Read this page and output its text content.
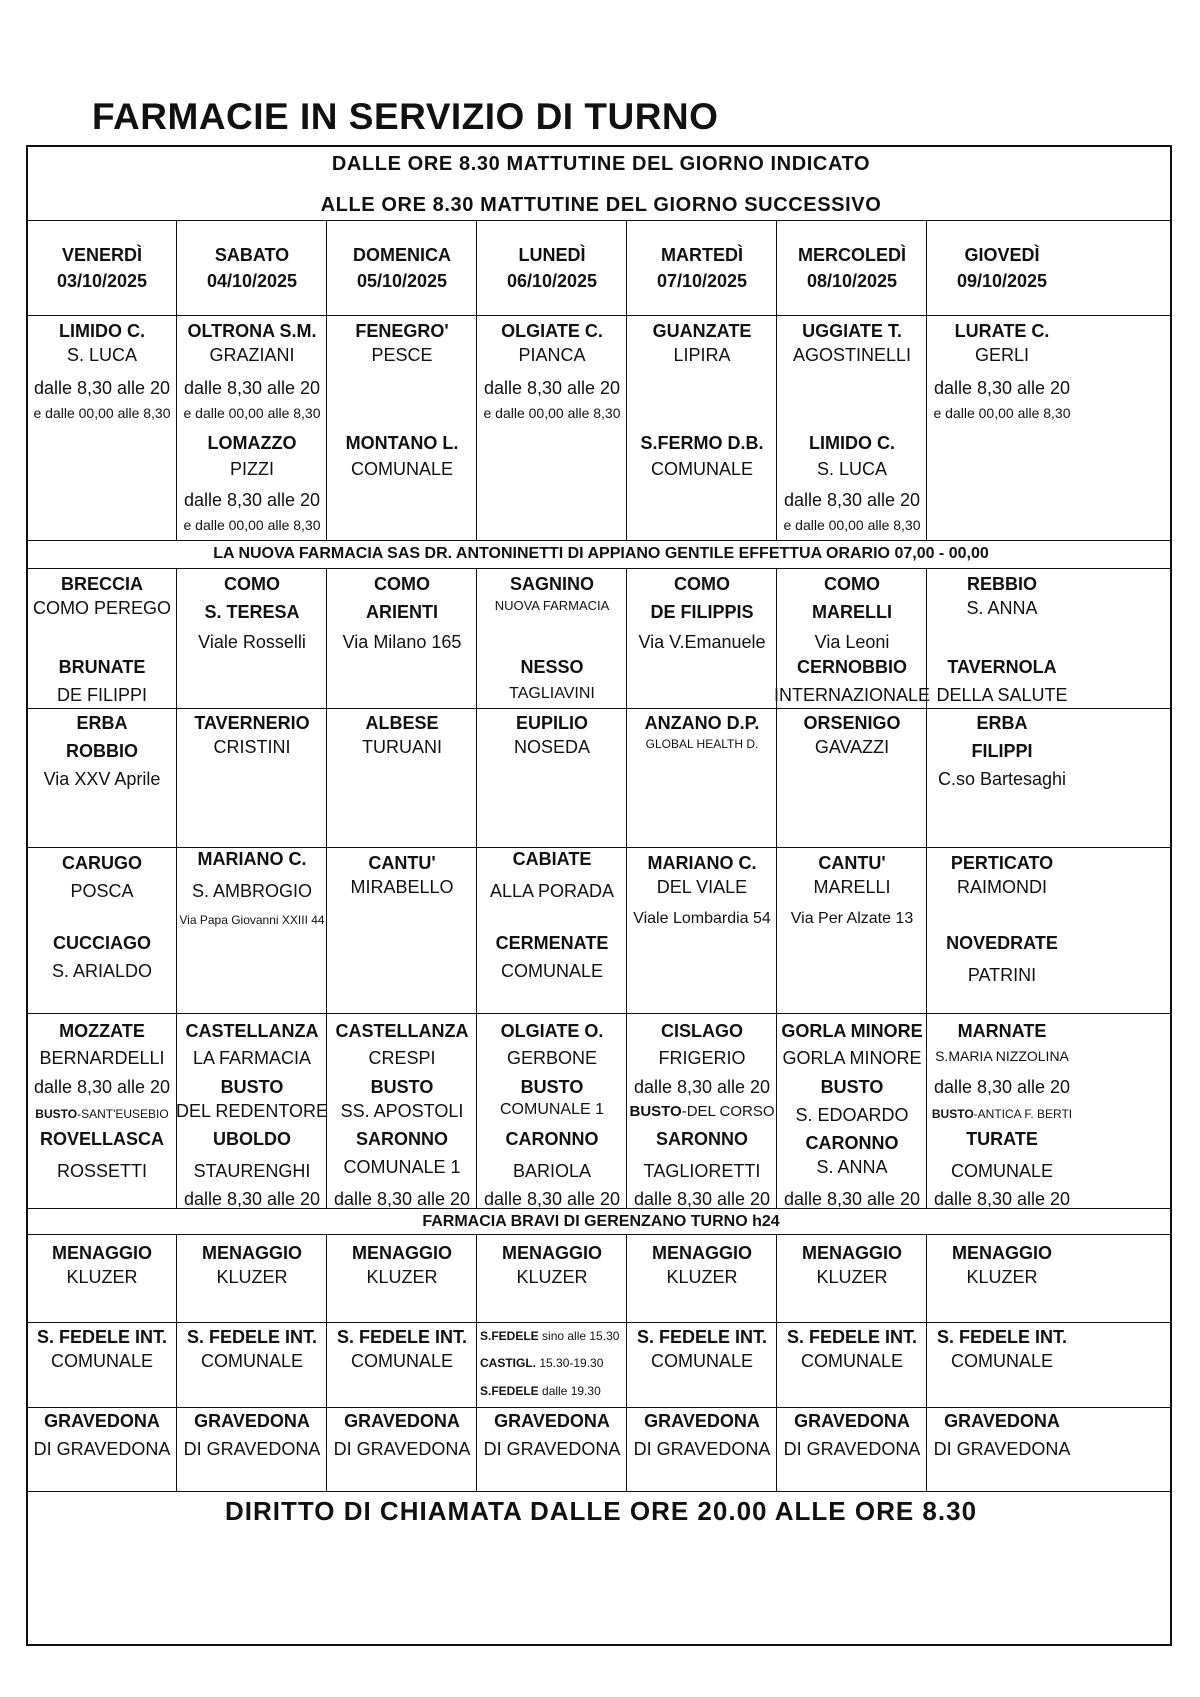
FARMACIE IN SERVIZIO DI TURNO
DALLE ORE 8.30 MATTUTINE DEL GIORNO INDICATO
ALLE ORE 8.30 MATTUTINE DEL GIORNO SUCCESSIVO
VENERDÌ
03/10/2025
SABATO
04/10/2025
DOMENICA
05/10/2025
LUNEDÌ
06/10/2025
MARTEDÌ
07/10/2025
MERCOLEDÌ
08/10/2025
GIOVEDÌ
09/10/2025
LIMIDO C.
S. LUCA
dalle 8,30 alle 20
e dalle 00,00 alle 8,30
OLTRONA S.M.
GRAZIANI
dalle 8,30 alle 20
e dalle 00,00 alle 8,30
LOMAZZO
PIZZI
dalle 8,30 alle 20
e dalle 00,00 alle 8,30
FENEGRO'
PESCE
MONTANO L.
COMUNALE
OLGIATE C.
PIANCA
dalle 8,30 alle 20
e dalle 00,00 alle 8,30
GUANZATE
LIPIRA
S.FERMO D.B.
COMUNALE
UGGIATE T.
AGOSTINELLI
LIMIDO C.
S. LUCA
dalle 8,30 alle 20
e dalle 00,00 alle 8,30
LURATE C.
GERLI
dalle 8,30 alle 20
e dalle 00,00 alle 8,30
LA NUOVA FARMACIA SAS DR. ANTONINETTI DI APPIANO GENTILE EFFETTUA ORARIO 07,00 - 00,00
BRECCIA
COMO PEREGO
BRUNATE
DE FILIPPI
COMO
S. TERESA
Viale Rosselli
COMO
ARIENTI
Via Milano 165
SAGNINO
NUOVA FARMACIA
NESSO
TAGLIAVINI
COMO
DE FILIPPIS
Via V.Emanuele
COMO
MARELLI
Via Leoni
CERNOBBIO
INTERNAZIONALE
REBBIO
S. ANNA
TAVERNOLA
DELLA SALUTE
ERBA
ROBBIO
Via XXV Aprile
TAVERNERIO
CRISTINI
ALBESE
TURUANI
EUPILIO
NOSEDA
ANZANO D.P.
GLOBAL HEALTH D.
ORSENIGO
GAVAZZI
ERBA
FILIPPI
C.so Bartesaghi
CARUGO
POSCA
CUCCIAGO
S. ARIALDO
MARIANO C.
S. AMBROGIO
Via Papa Giovanni XXIII 44
CANTU'
MIRABELLO
CABIATE
ALLA PORADA
CERMENATE
COMUNALE
MARIANO C.
DEL VIALE
Viale Lombardia 54
CANTU'
MARELLI
Via Per Alzate 13
PERTICATO
RAIMONDI
NOVEDRATE
PATRINI
MOZZATE
BERNARDELLI
dalle 8,30 alle 20
BUSTO-SANT'EUSEBIO
ROVELLASCA
ROSSETTI
CASTELLANZA
LA FARMACIA
BUSTO
DEL REDENTORE
UBOLDO
STAURENGHI
dalle 8,30 alle 20
CASTELLANZA
CRESPI
BUSTO
SS. APOSTOLI
SARONNO
COMUNALE 1
dalle 8,30 alle 20
OLGIATE O.
GERBONE
BUSTO
COMUNALE 1
CARONNO
BARIOLA
dalle 8,30 alle 20
CISLAGO
FRIGERIO
dalle 8,30 alle 20
BUSTO-DEL CORSO
SARONNO
TAGLIORETTI
dalle 8,30 alle 20
GORLA MINORE
GORLA MINORE
BUSTO
S. EDOARDO
CARONNO
S. ANNA
dalle 8,30 alle 20
MARNATE
S.MARIA NIZZOLINA
dalle 8,30 alle 20
BUSTO-ANTICA F. BERTI
TURATE
COMUNALE
dalle 8,30 alle 20
FARMACIA BRAVI DI GERENZANO TURNO h24
MENAGGIO
KLUZER
GRAVEDONA
DI GRAVEDONA
S. FEDELE INT.
COMUNALE
MENAGGIO
KLUZER
GRAVEDONA
DI GRAVEDONA
S. FEDELE INT.
COMUNALE
MENAGGIO
KLUZER
GRAVEDONA
DI GRAVEDONA
S. FEDELE INT.
COMUNALE
MENAGGIO
KLUZER
GRAVEDONA
DI GRAVEDONA
S.FEDELE sino alle 15.30
CASTIGL. 15.30-19.30
S.FEDELE dalle 19.30
MENAGGIO
KLUZER
GRAVEDONA
DI GRAVEDONA
S. FEDELE INT.
COMUNALE
MENAGGIO
KLUZER
GRAVEDONA
DI GRAVEDONA
S. FEDELE INT.
COMUNALE
MENAGGIO
KLUZER
GRAVEDONA
DI GRAVEDONA
S. FEDELE INT.
COMUNALE
DIRITTO DI CHIAMATA DALLE ORE 20.00 ALLE ORE 8.30
